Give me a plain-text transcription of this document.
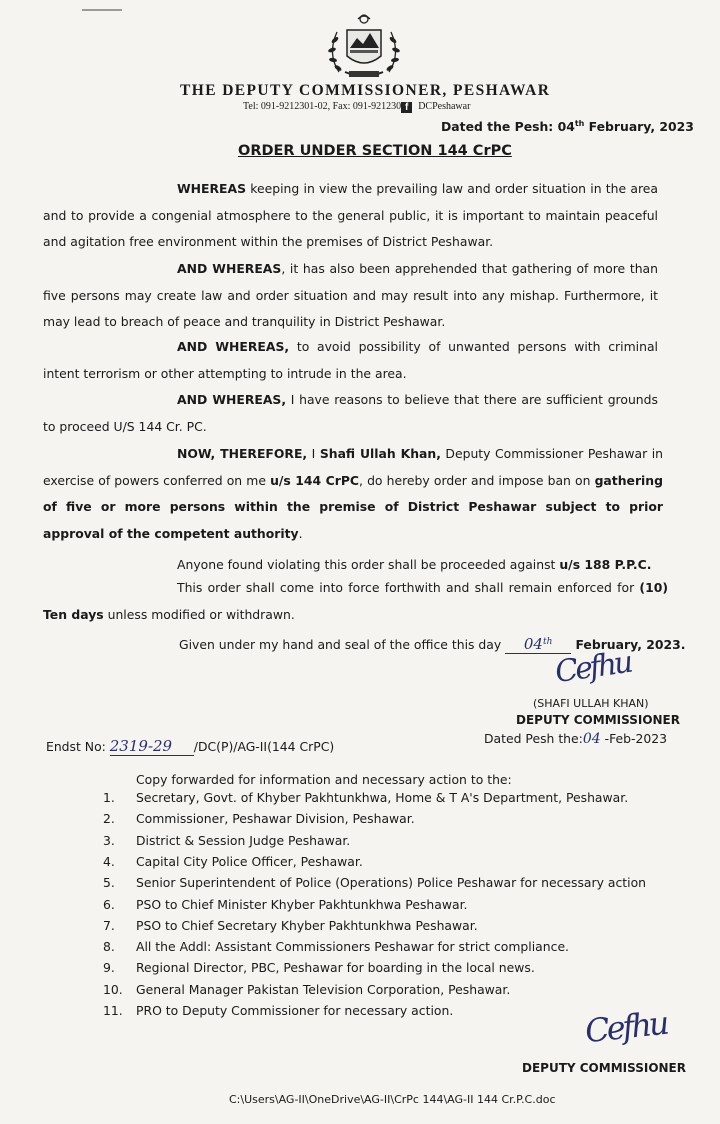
THE DEPUTY COMMISSIONER, PESHAWAR
Tel: 091-9212301-02, Fax: 091-921230 f DCPeshawar
Dated the Pesh: 04th February, 2023
ORDER UNDER SECTION 144 CrPC

WHEREAS keeping in view the prevailing law and order situation in the area and to provide a congenial atmosphere to the general public, it is important to maintain peaceful and agitation free environment within the premises of District Peshawar.

AND WHEREAS, it has also been apprehended that gathering of more than five persons may create law and order situation and may result into any mishap. Furthermore, it may lead to breach of peace and tranquility in District Peshawar.

AND WHEREAS, to avoid possibility of unwanted persons with criminal intent terrorism or other attempting to intrude in the area.

AND WHEREAS, I have reasons to believe that there are sufficient grounds to proceed U/S 144 Cr. PC.

NOW, THEREFORE, I Shafi Ullah Khan, Deputy Commissioner Peshawar in exercise of powers conferred on me u/s 144 CrPC, do hereby order and impose ban on gathering of five or more persons within the premise of District Peshawar subject to prior approval of the competent authority.

Anyone found violating this order shall be proceeded against u/s 188 P.P.C.

This order shall come into force forthwith and shall remain enforced for (10) Ten days unless modified or withdrawn.

Given under my hand and seal of the office this day 04th February, 2023.
Cefhu
(SHAFI ULLAH KHAN)
DEPUTY COMMISSIONER
Dated Pesh the:04 -Feb-2023
Endst No: 2319-29 /DC(P)/AG-II(144 CrPC)
Copy forwarded for information and necessary action to the:
1.	Secretary, Govt. of Khyber Pakhtunkhwa, Home & T A's Department, Peshawar.
2.	Commissioner, Peshawar Division, Peshawar.
3.	District & Session Judge Peshawar.
4.	Capital City Police Officer, Peshawar.
5.	Senior Superintendent of Police (Operations) Police Peshawar for necessary action
6.	PSO to Chief Minister Khyber Pakhtunkhwa Peshawar.
7.	PSO to Chief Secretary Khyber Pakhtunkhwa Peshawar.
8.	All the Addl: Assistant Commissioners Peshawar for strict compliance.
9.	Regional Director, PBC, Peshawar for boarding in the local news.
10.	General Manager Pakistan Television Corporation, Peshawar.
11.	PRO to Deputy Commissioner for necessary action.	Cefhu
DEPUTY COMMISSIONER
C:\Users\AG-II\OneDrive\AG-II\CrPc 144\AG-II 144 Cr.P.C.doc
